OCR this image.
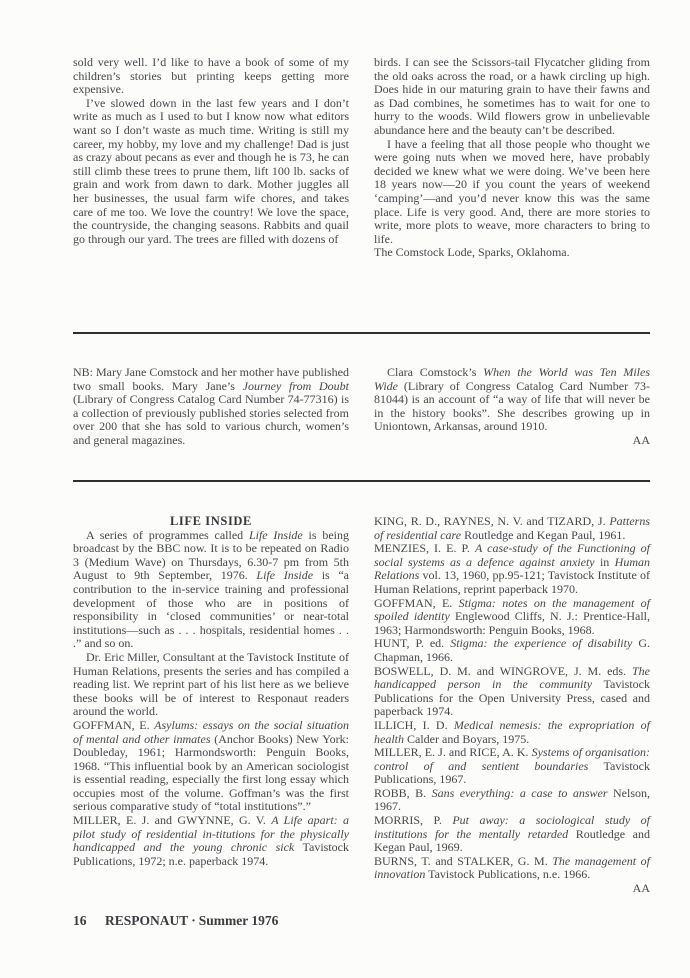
sold very well. I’d like to have a book of some of my children’s stories but printing keeps getting more expensive.

I’ve slowed down in the last few years and I don’t write as much as I used to but I know now what editors want so I don’t waste as much time. Writing is still my career, my hobby, my love and my challenge! Dad is just as crazy about pecans as ever and though he is 73, he can still climb these trees to prune them, lift 100 lb. sacks of grain and work from dawn to dark. Mother juggles all her businesses, the usual farm wife chores, and takes care of me too. We love the country! We love the space, the countryside, the changing seasons. Rabbits and quail go through our yard. The trees are filled with dozens of

birds. I can see the Scissors-tail Flycatcher gliding from the old oaks across the road, or a hawk circling up high. Does hide in our maturing grain to have their fawns and as Dad combines, he sometimes has to wait for one to hurry to the woods. Wild flowers grow in unbelievable abundance here and the beauty can’t be described.

I have a feeling that all those people who thought we were going nuts when we moved here, have probably decided we knew what we were doing. We’ve been here 18 years now—20 if you count the years of weekend ‘camping’—and you’d never know this was the same place. Life is very good. And, there are more stories to write, more plots to weave, more characters to bring to life.

The Comstock Lode, Sparks, Oklahoma.

NB: Mary Jane Comstock and her mother have published two small books. Mary Jane’s Journey from Doubt (Library of Congress Catalog Card Number 74-77316) is a collection of previously published stories selected from over 200 that she has sold to various church, women’s and general magazines.

Clara Comstock’s When the World was Ten Miles Wide (Library of Congress Catalog Card Number 73-81044) is an account of “a way of life that will never be in the history books”. She describes growing up in Uniontown, Arkansas, around 1910.

AA

LIFE INSIDE

A series of programmes called Life Inside is being broadcast by the BBC now. It is to be repeated on Radio 3 (Medium Wave) on Thursdays, 6.30-7 pm from 5th August to 9th September, 1976. Life Inside is “a contribution to the in-service training and professional development of those who are in positions of responsibility in ‘closed communities’ or near-total institutions—such as . . . hospitals, residential homes . . .” and so on.

Dr. Eric Miller, Consultant at the Tavistock Institute of Human Relations, presents the series and has compiled a reading list. We reprint part of his list here as we believe these books will be of interest to Responaut readers around the world.

GOFFMAN, E. Asylums: essays on the social situation of mental and other inmates (Anchor Books) New York: Doubleday, 1961; Harmondsworth: Penguin Books, 1968. “This influential book by an American sociologist is essential reading, especially the first long essay which occupies most of the volume. Goffman’s was the first serious comparative study of “total institutions”.”

MILLER, E. J. and GWYNNE, G. V. A Life apart: a pilot study of residential in-titutions for the physically handicapped and the young chronic sick Tavistock Publications, 1972; n.e. paperback 1974.

KING, R. D., RAYNES, N. V. and TIZARD, J. Patterns of residential care Routledge and Kegan Paul, 1961.

MENZIES, I. E. P. A case-study of the Functioning of social systems as a defence against anxiety in Human Relations vol. 13, 1960, pp.95-121; Tavistock Institute of Human Relations, reprint paperback 1970.

GOFFMAN, E. Stigma: notes on the management of spoiled identity Englewood Cliffs, N. J.: Prentice-Hall, 1963; Harmondsworth: Penguin Books, 1968.

HUNT, P. ed. Stigma: the experience of disability G. Chapman, 1966.

BOSWELL, D. M. and WINGROVE, J. M. eds. The handicapped person in the community Tavistock Publications for the Open University Press, cased and paperback 1974.

ILLICH, I. D. Medical nemesis: the expropriation of health Calder and Boyars, 1975.

MILLER, E. J. and RICE, A. K. Systems of organisation: control of and sentient boundaries Tavistock Publications, 1967.

ROBB, B. Sans everything: a case to answer Nelson, 1967.

MORRIS, P. Put away: a sociological study of institutions for the mentally retarded Routledge and Kegan Paul, 1969.

BURNS, T. and STALKER, G. M. The management of innovation Tavistock Publications, n.e. 1966.

AA

16 RESPONAUT · Summer 1976
